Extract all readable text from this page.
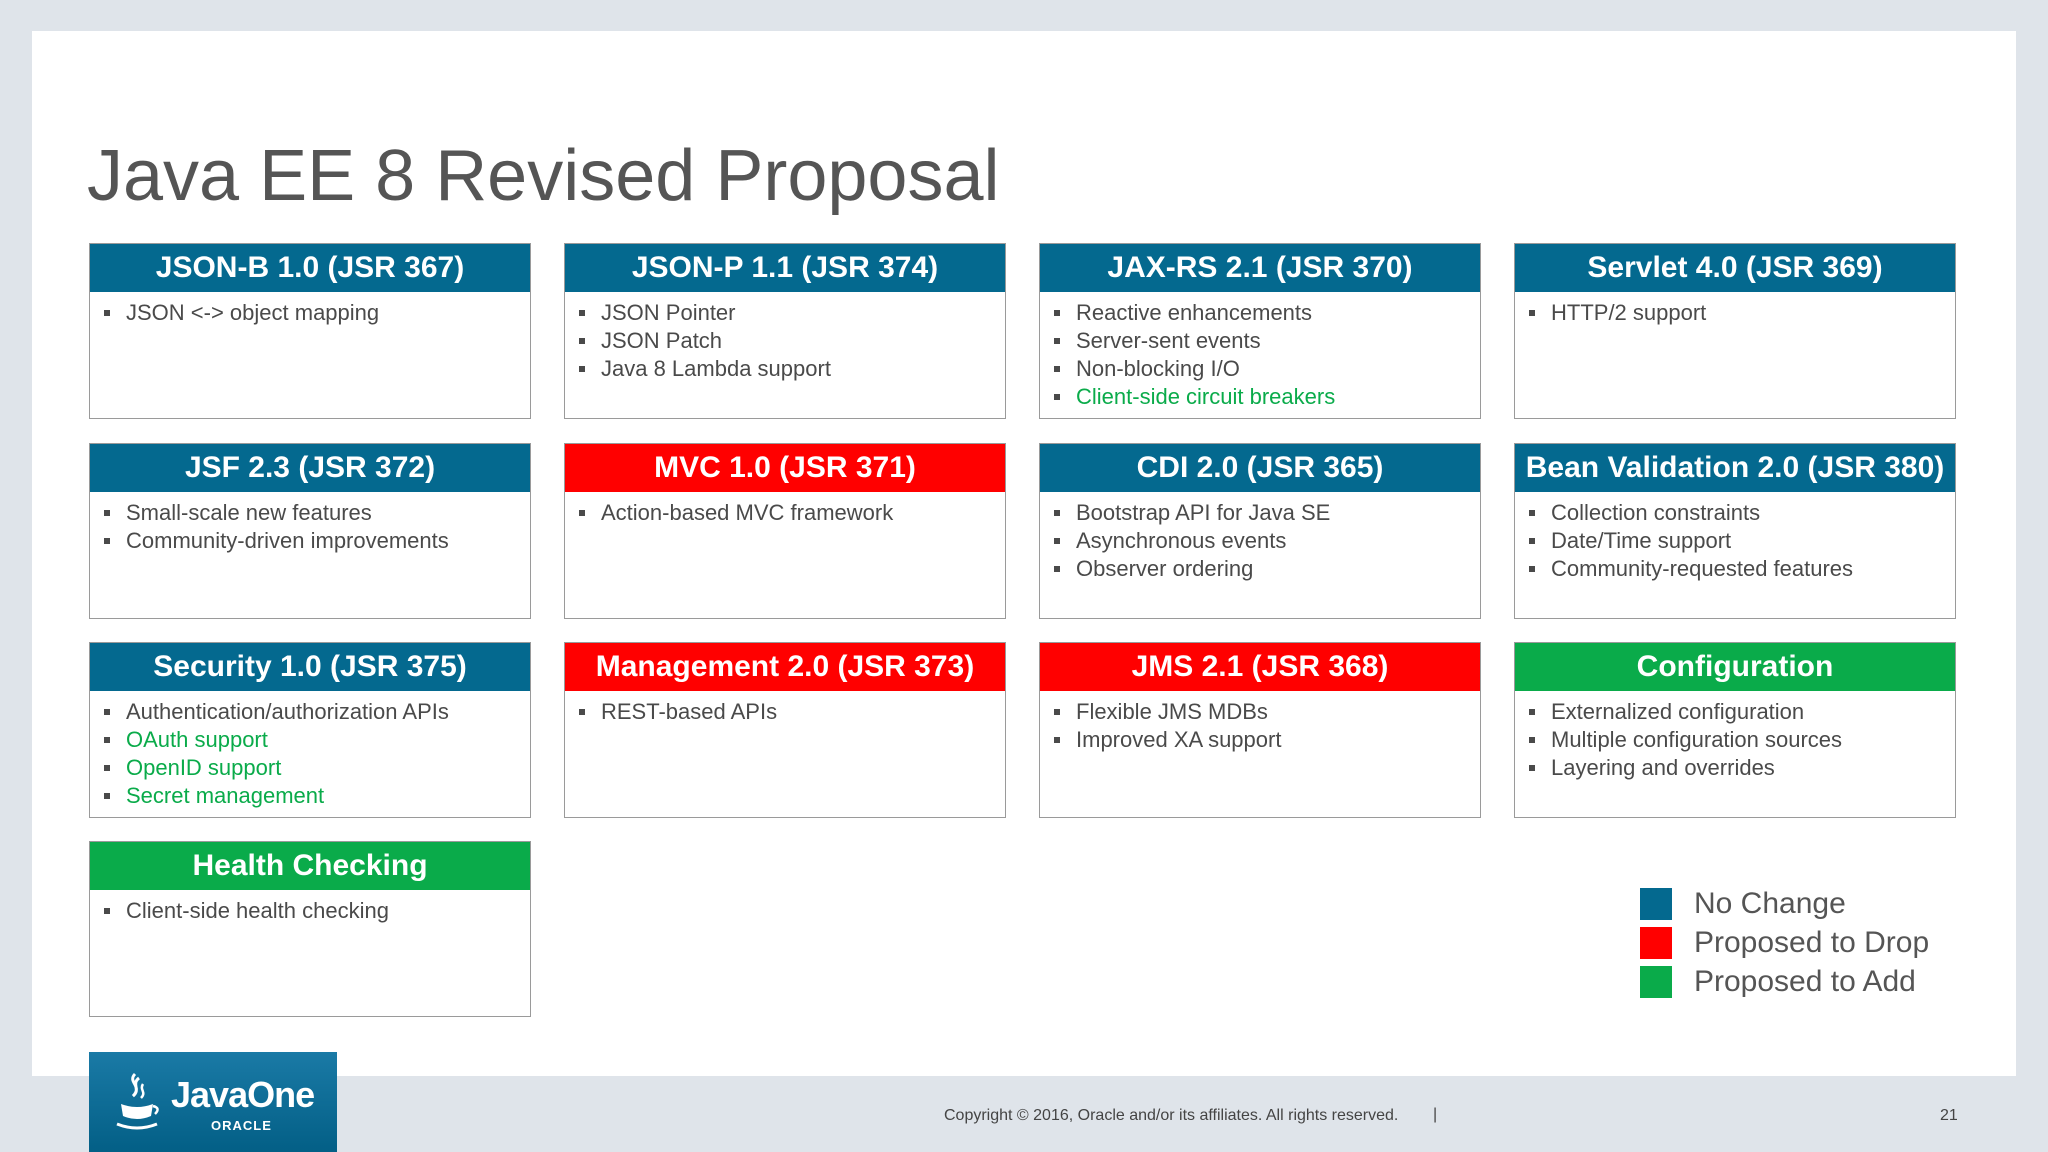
Java EE 8 Revised Proposal
JSON-B 1.0 (JSR 367)
JSON <-> object mapping
JSON-P 1.1 (JSR 374)
JSON Pointer
JSON Patch
Java 8 Lambda support
JAX-RS 2.1 (JSR 370)
Reactive enhancements
Server-sent events
Non-blocking I/O
Client-side circuit breakers
Servlet 4.0 (JSR 369)
HTTP/2 support
JSF 2.3 (JSR 372)
Small-scale new features
Community-driven improvements
MVC 1.0 (JSR 371)
Action-based MVC framework
CDI 2.0 (JSR 365)
Bootstrap API for Java SE
Asynchronous events
Observer ordering
Bean Validation 2.0 (JSR 380)
Collection constraints
Date/Time support
Community-requested features
Security 1.0 (JSR 375)
Authentication/authorization APIs
OAuth support
OpenID support
Secret management
Management 2.0 (JSR 373)
REST-based APIs
JMS 2.1 (JSR 368)
Flexible JMS MDBs
Improved XA support
Configuration
Externalized configuration
Multiple configuration sources
Layering and overrides
Health Checking
Client-side health checking	No Change
Proposed to Drop
Proposed to Add
JavaOne
ORACLE
Copyright © 2016, Oracle and/or its affiliates. All rights reserved. |	21
